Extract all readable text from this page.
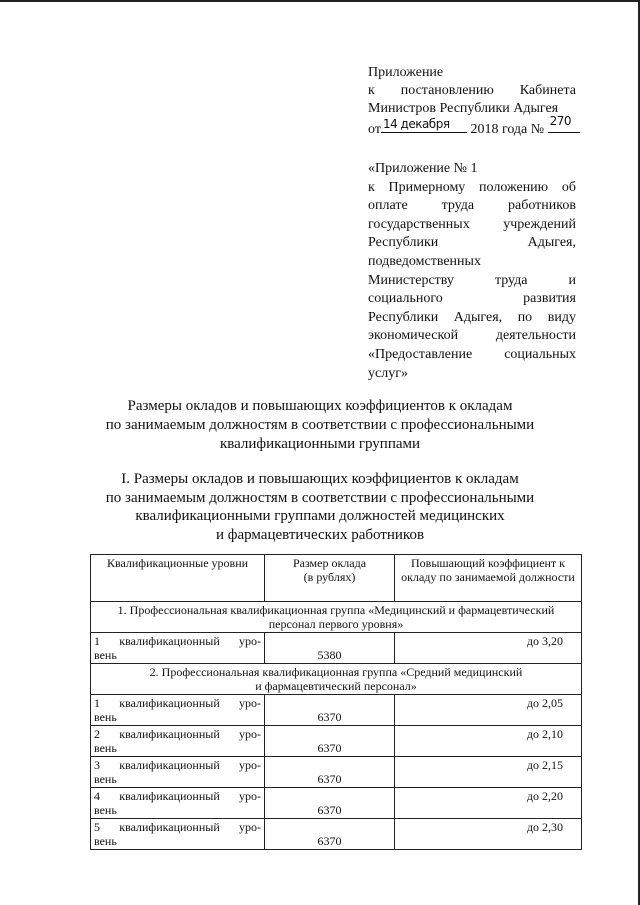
Приложение
к постановлению Кабинета
Министров Республики Адыгея
от 14 декабря 2018 года №
270
«Приложение № 1
к Примерному положению об
оплате труда работников
государственных учреждений
Республики	Адыгея,
подведомственных
Министерству	труда	и
социального	развития
Республики Адыгея, по виду
экономической	деятельности
«Предоставление социальных
услуг»
Размеры окладов и повышающих коэффициентов к окладам
по занимаемым должностям в соответствии с профессиональными
квалификационными группами
I. Размеры окладов и повышающих коэффициентов к окладам
по занимаемым должностям в соответствии с профессиональными
квалификационными группами должностей медицинских
и фармацевтических работников
Квалификационные уровни	Размер оклада
(в рублях)	Повышающий коэффициент к окладу по занимаемой должности

1. Профессиональная квалификационная группа «Медицинский и фармацевтический
персонал первого уровня»		

1 квалификационный уро-
вень	5380	до 3,20

2. Профессиональная квалификационная группа «Средний медицинский
и фармацевтический персонал»		

1 квалификационный уро-
вень	6370	до 2,05

2 квалификационный уро-
вень	6370	до 2,10

3 квалификационный уро-
вень	6370	до 2,15

4 квалификационный уро-
вень	6370	до 2,20

5 квалификационный уро-
вень	6370	до 2,30
